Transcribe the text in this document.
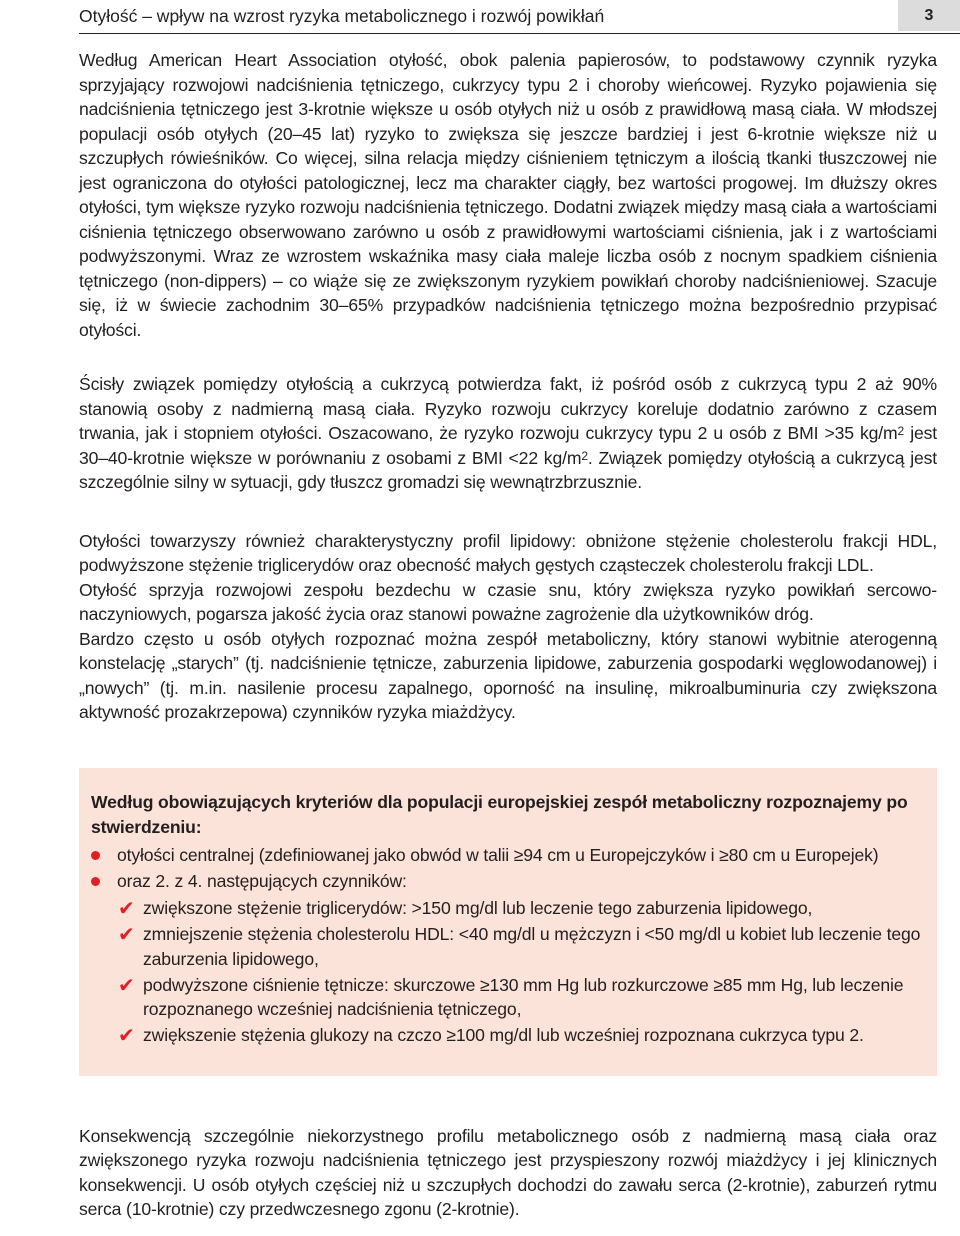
Otyłość – wpływ na wzrost ryzyka metabolicznego i rozwój powikłań	3

Według American Heart Association otyłość, obok palenia papierosów, to podstawowy czynnik ryzyka sprzyjający rozwojowi nadciśnienia tętniczego, cukrzycy typu 2 i choroby wieńcowej. Ryzyko pojawienia się nadciśnienia tętniczego jest 3-krotnie większe u osób otyłych niż u osób z prawidłową masą ciała. W młodszej populacji osób otyłych (20–45 lat) ryzyko to zwiększa się jeszcze bardziej i jest 6-krotnie większe niż u szczupłych rówieśników. Co więcej, silna relacja między ciśnieniem tętniczym a ilością tkanki tłuszczowej nie jest ograniczona do otyłości patologicznej, lecz ma charakter ciągły, bez wartości progowej. Im dłuższy okres otyłości, tym większe ryzyko rozwoju nadciśnienia tętniczego. Dodatni związek między masą ciała a wartościami ciśnienia tętniczego obserwowano zarówno u osób z prawidłowymi wartościami ciśnienia, jak i z wartościami podwyższonymi. Wraz ze wzrostem wskaźnika masy ciała maleje liczba osób z nocnym spadkiem ciśnienia tętniczego (non-dippers) – co wiąże się ze zwiększonym ryzykiem powikłań choroby nadciśnieniowej. Szacuje się, iż w świecie zachodnim 30–65% przypadków nadciśnienia tętniczego można bezpośrednio przypisać otyłości.

Ścisły związek pomiędzy otyłością a cukrzycą potwierdza fakt, iż pośród osób z cukrzycą typu 2 aż 90% stanowią osoby z nadmierną masą ciała. Ryzyko rozwoju cukrzycy koreluje dodatnio zarówno z czasem trwania, jak i stopniem otyłości. Oszacowano, że ryzyko rozwoju cukrzycy typu 2 u osób z BMI >35 $kg/m^2$ jest 30–40-krotnie większe w porównaniu z osobami z BMI <22 $kg/m^2$. Związek pomiędzy otyłością a cukrzycą jest szczególnie silny w sytuacji, gdy tłuszcz gromadzi się wewnątrzbrzusznie.

Otyłości towarzyszy również charakterystyczny profil lipidowy: obniżone stężenie cholesterolu frakcji HDL, podwyższone stężenie triglicerydów oraz obecność małych gęstych cząsteczek cholesterolu frakcji LDL.

Otyłość sprzyja rozwojowi zespołu bezdechu w czasie snu, który zwiększa ryzyko powikłań sercowo-naczyniowych, pogarsza jakość życia oraz stanowi poważne zagrożenie dla użytkowników dróg.

Bardzo często u osób otyłych rozpoznać można zespół metaboliczny, który stanowi wybitnie aterogenną konstelację „starych” (tj. nadciśnienie tętnicze, zaburzenia lipidowe, zaburzenia gospodarki węglowodanowej) i „nowych” (tj. m.in. nasilenie procesu zapalnego, oporność na insulinę, mikroalbuminuria czy zwiększona aktywność prozakrzepowa) czynników ryzyka miażdżycy.

Według obowiązujących kryteriów dla populacji europejskiej zespół metaboliczny rozpoznajemy po stwierdzeniu:
otyłości centralnej (zdefiniowanej jako obwód w talii ≥94 cm u Europejczyków i ≥80 cm u Europejek)
oraz 2. z 4. następujących czynników:
✔ zwiększone stężenie triglicerydów: >150 mg/dl lub leczenie tego zaburzenia lipidowego,
✔ zmniejszenie stężenia cholesterolu HDL: <40 mg/dl u mężczyzn i <50 mg/dl u kobiet lub leczenie tego zaburzenia lipidowego,
✔ podwyższone ciśnienie tętnicze: skurczowe ≥130 mm Hg lub rozkurczowe ≥85 mm Hg, lub leczenie rozpoznanego wcześniej nadciśnienia tętniczego,
✔ zwiększenie stężenia glukozy na czczo ≥100 mg/dl lub wcześniej rozpoznana cukrzyca typu 2.

Konsekwencją szczególnie niekorzystnego profilu metabolicznego osób z nadmierną masą ciała oraz zwiększonego ryzyka rozwoju nadciśnienia tętniczego jest przyspieszony rozwój miażdżycy i jej klinicznych konsekwencji. U osób otyłych częściej niż u szczupłych dochodzi do zawału serca (2-krotnie), zaburzeń rytmu serca (10-krotnie) czy przedwczesnego zgonu (2-krotnie).
